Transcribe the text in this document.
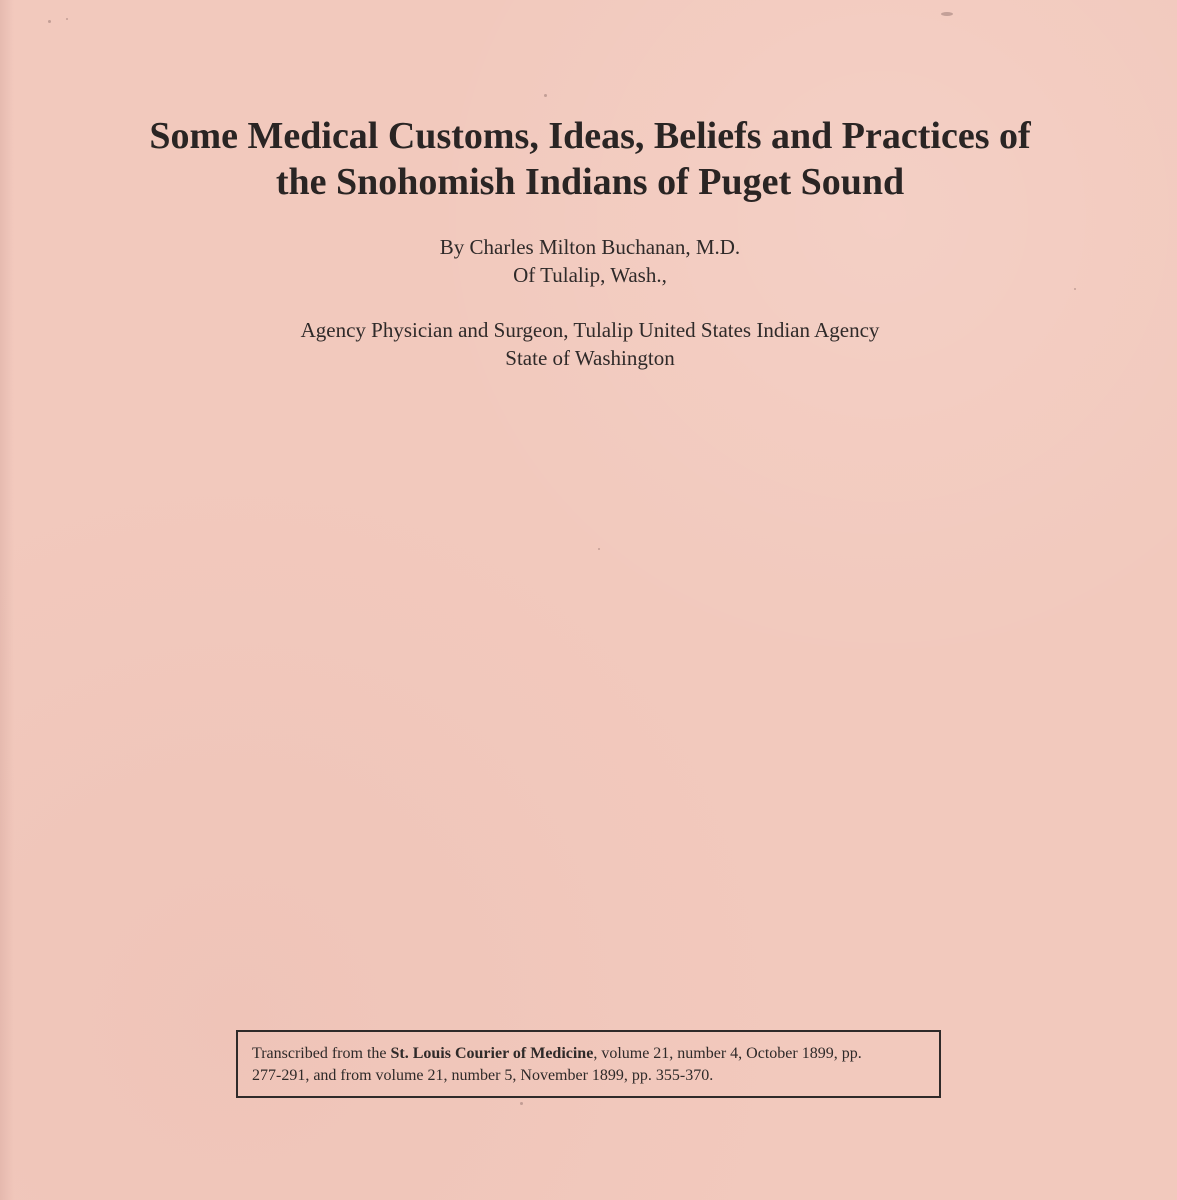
Some Medical Customs, Ideas, Beliefs and Practices of
the Snohomish Indians of Puget Sound
By Charles Milton Buchanan, M.D.
Of Tulalip, Wash.,
Agency Physician and Surgeon, Tulalip United States Indian Agency
State of Washington
Transcribed from the St. Louis Courier of Medicine, volume 21, number 4, October 1899, pp.
277-291, and from volume 21, number 5, November 1899, pp. 355-370.
